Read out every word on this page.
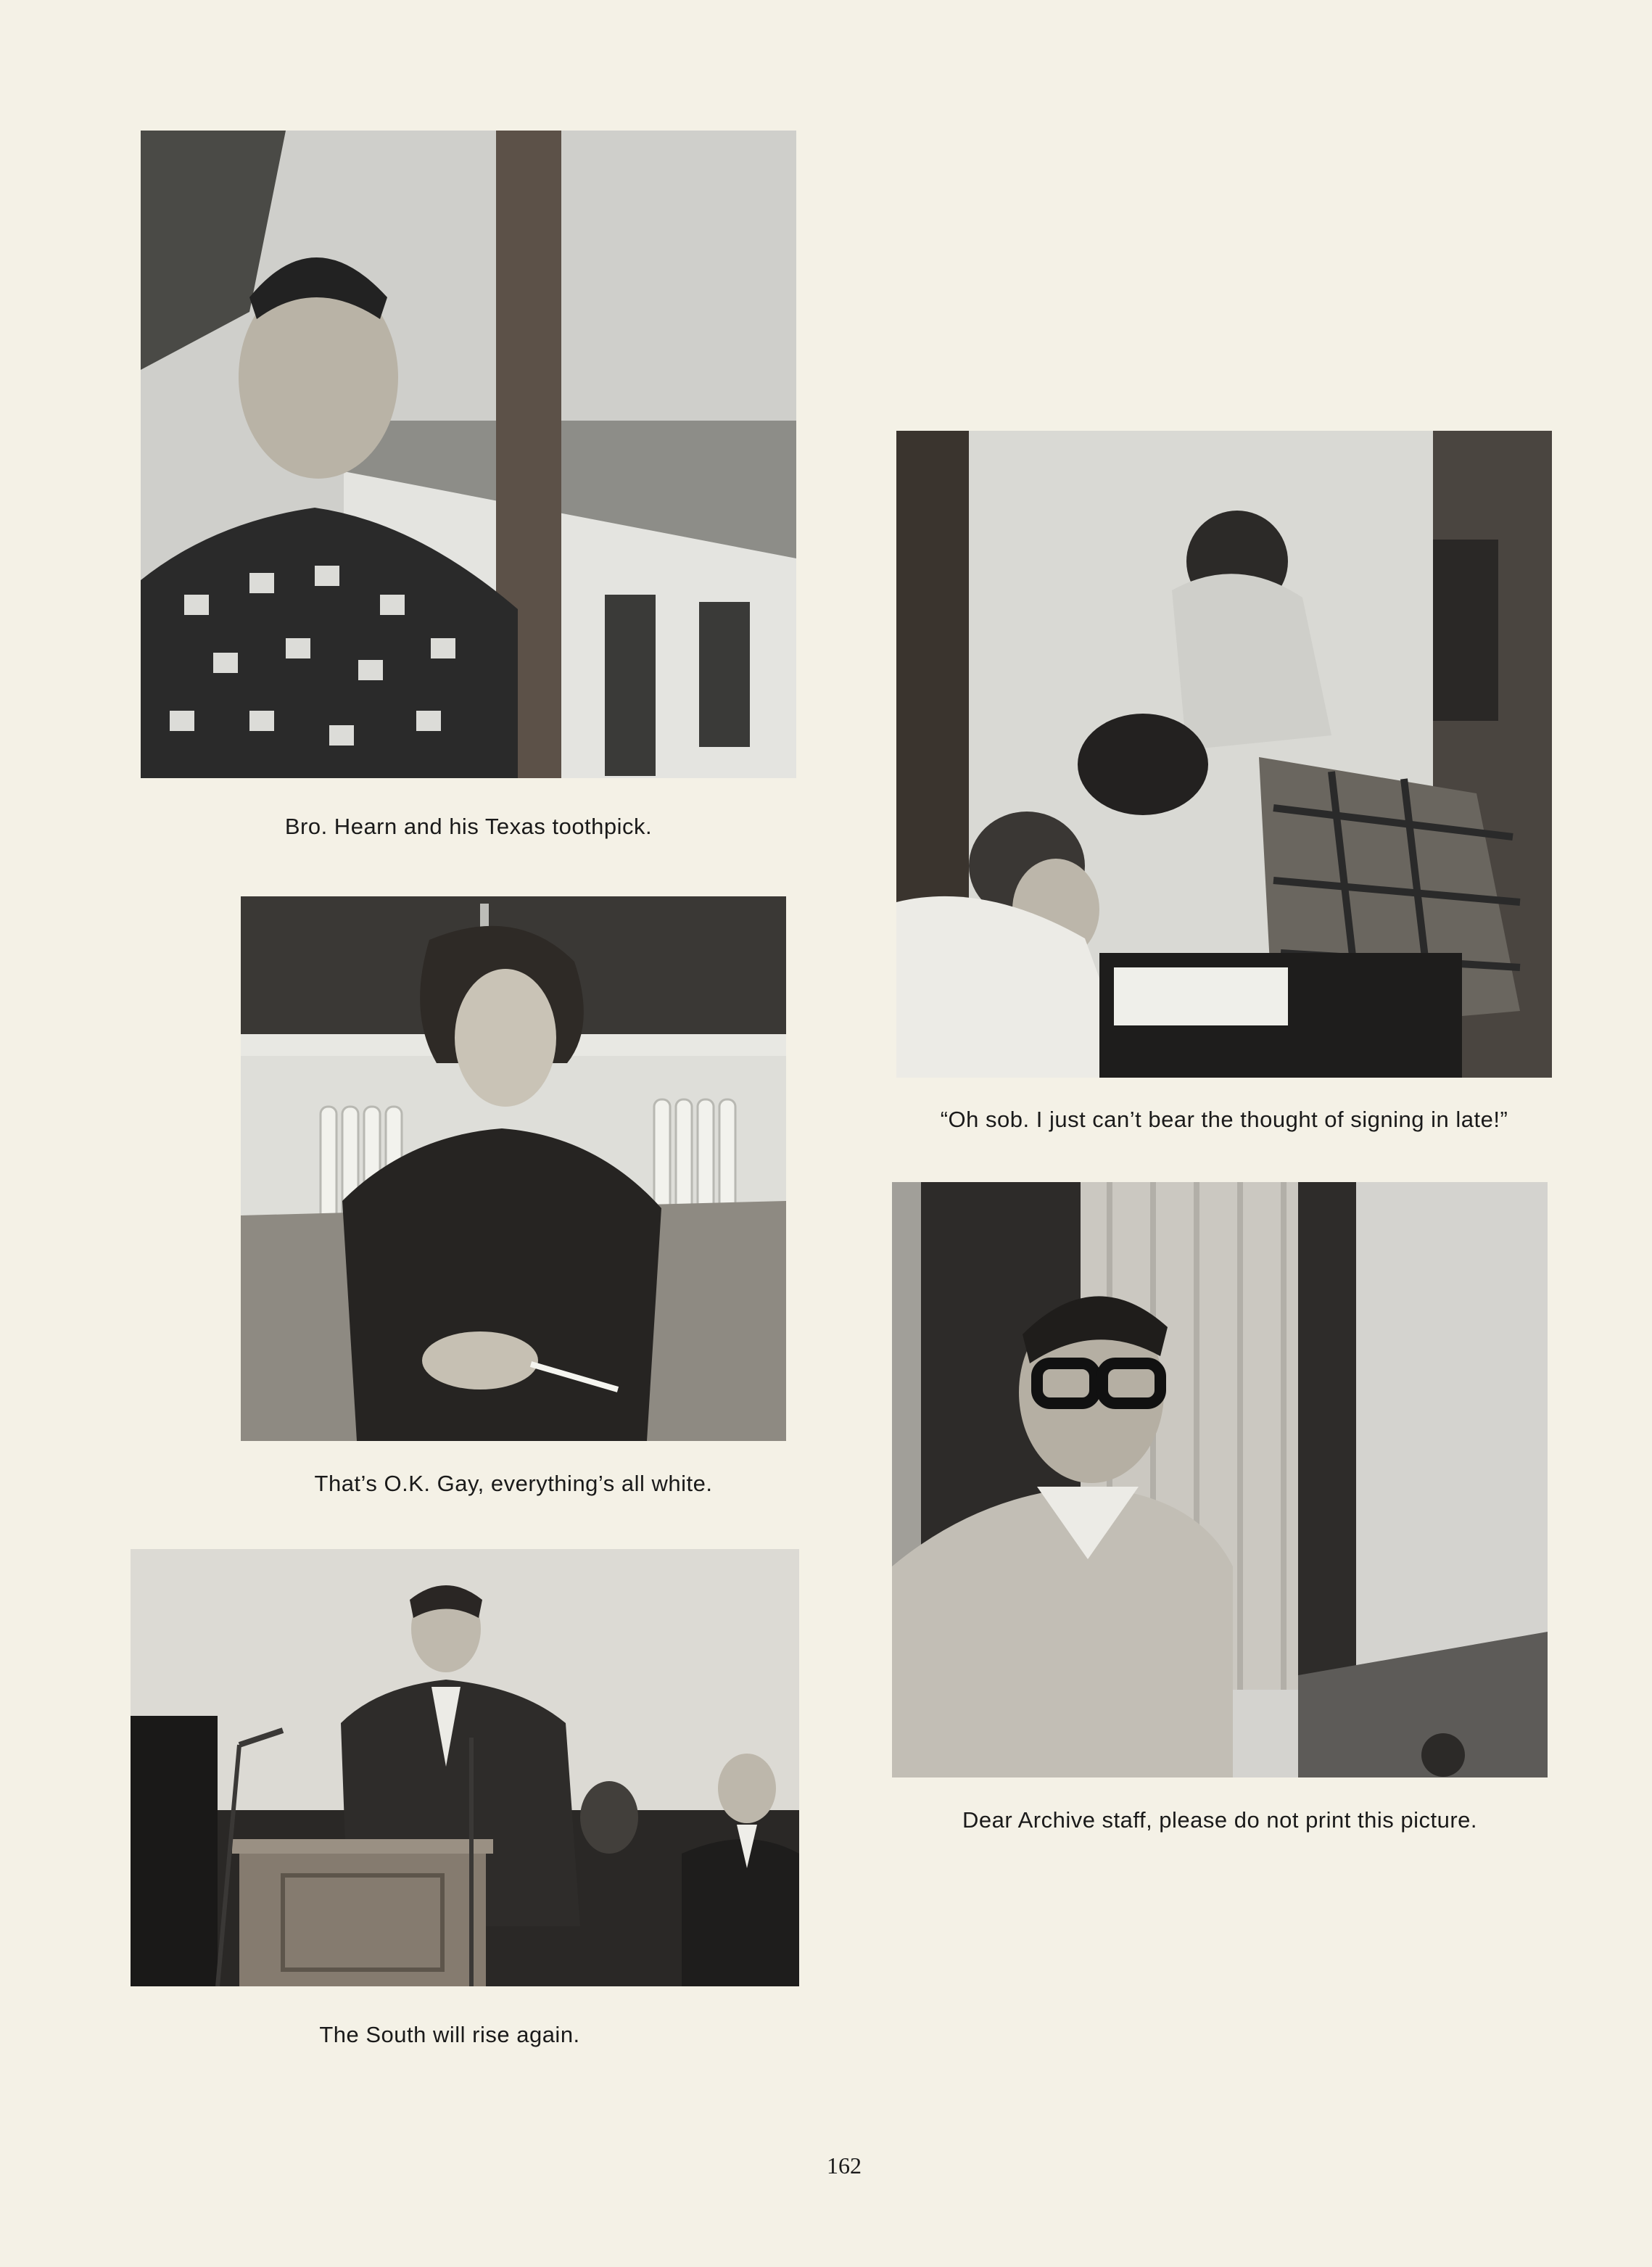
Bro. Hearn and his Texas toothpick.
“Oh sob. I just can’t bear the thought of signing in late!”
That’s O.K. Gay, everything’s all white.
Dear Archive staff, please do not print this picture.
The South will rise again.
162
